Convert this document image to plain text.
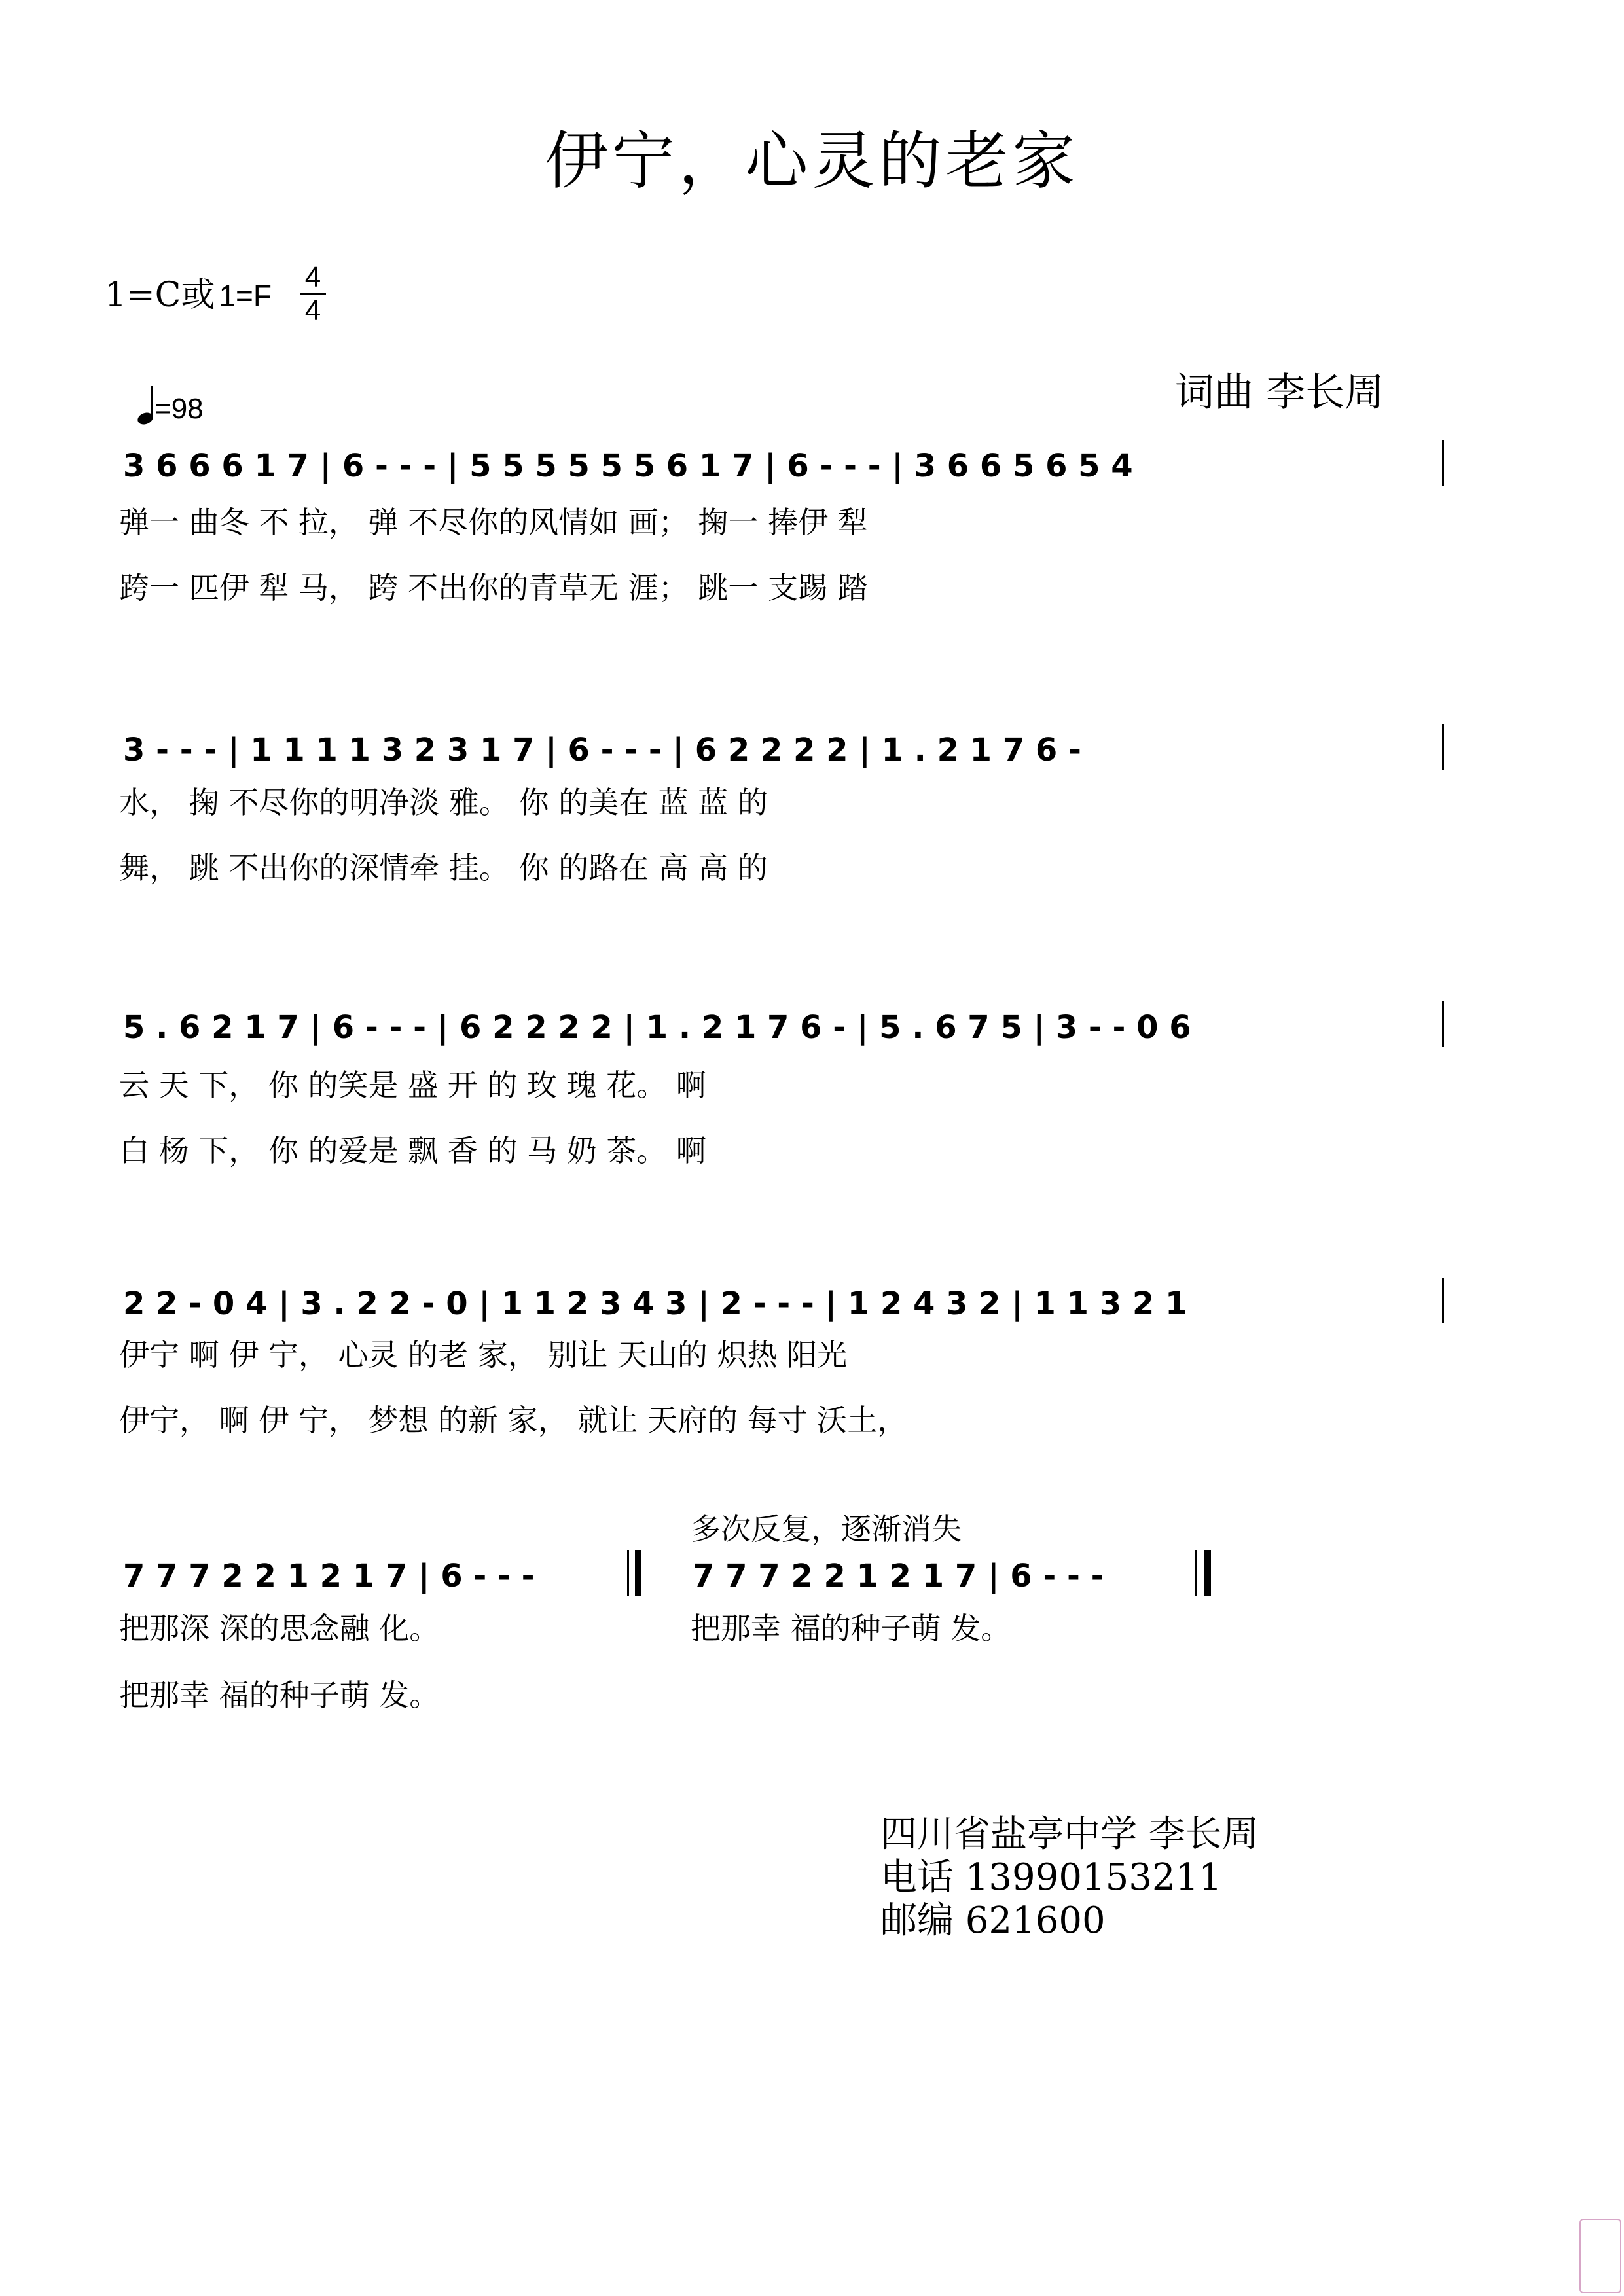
伊宁，心灵的老家
1=C或 1=F
4
4
=98	词曲 李长周
3 6 6 6 1 7 | 6 - - - | 5 5 5 5 5 5 6 1 7 | 6 - - - | 3 6 6 5 6 5 4
弹一 曲冬 不 拉， 弹 不尽你的风情如 画； 掬一 捧伊 犁
跨一 匹伊 犁 马， 跨 不出你的青草无 涯； 跳一 支踢 踏
3 - - - | 1 1 1 1 3 2 3 1 7 | 6 - - - | 6 2 2 2 2 | 1 . 2 1 7 6 -
水， 掬 不尽你的明净淡 雅。 你 的美在 蓝 蓝 的
舞， 跳 不出你的深情牵 挂。 你 的路在 高 高 的
5 . 6 2 1 7 | 6 - - - | 6 2 2 2 2 | 1 . 2 1 7 6 - | 5 . 6 7 5 | 3 - - 0 6
云 天 下， 你 的笑是 盛 开 的 玫 瑰 花。 啊
白 杨 下， 你 的爱是 飘 香 的 马 奶 茶。 啊
2 2 - 0 4 | 3 . 2 2 - 0 | 1 1 2 3 4 3 | 2 - - - | 1 2 4 3 2 | 1 1 3 2 1
伊宁 啊 伊 宁， 心灵 的老 家， 别让 天山的 炽热 阳光
伊宁， 啊 伊 宁， 梦想 的新 家， 就让 天府的 每寸 沃土，
多次反复，逐渐消失
7 7 7 2 2 1 2 1 7 | 6 - - -	7 7 7 2 2 1 2 1 7 | 6 - - -
把那深 深的思念融 化。	把那幸 福的种子萌 发。
把那幸 福的种子萌 发。
四川省盐亭中学 李长周
电话 13990153211
邮编 621600
